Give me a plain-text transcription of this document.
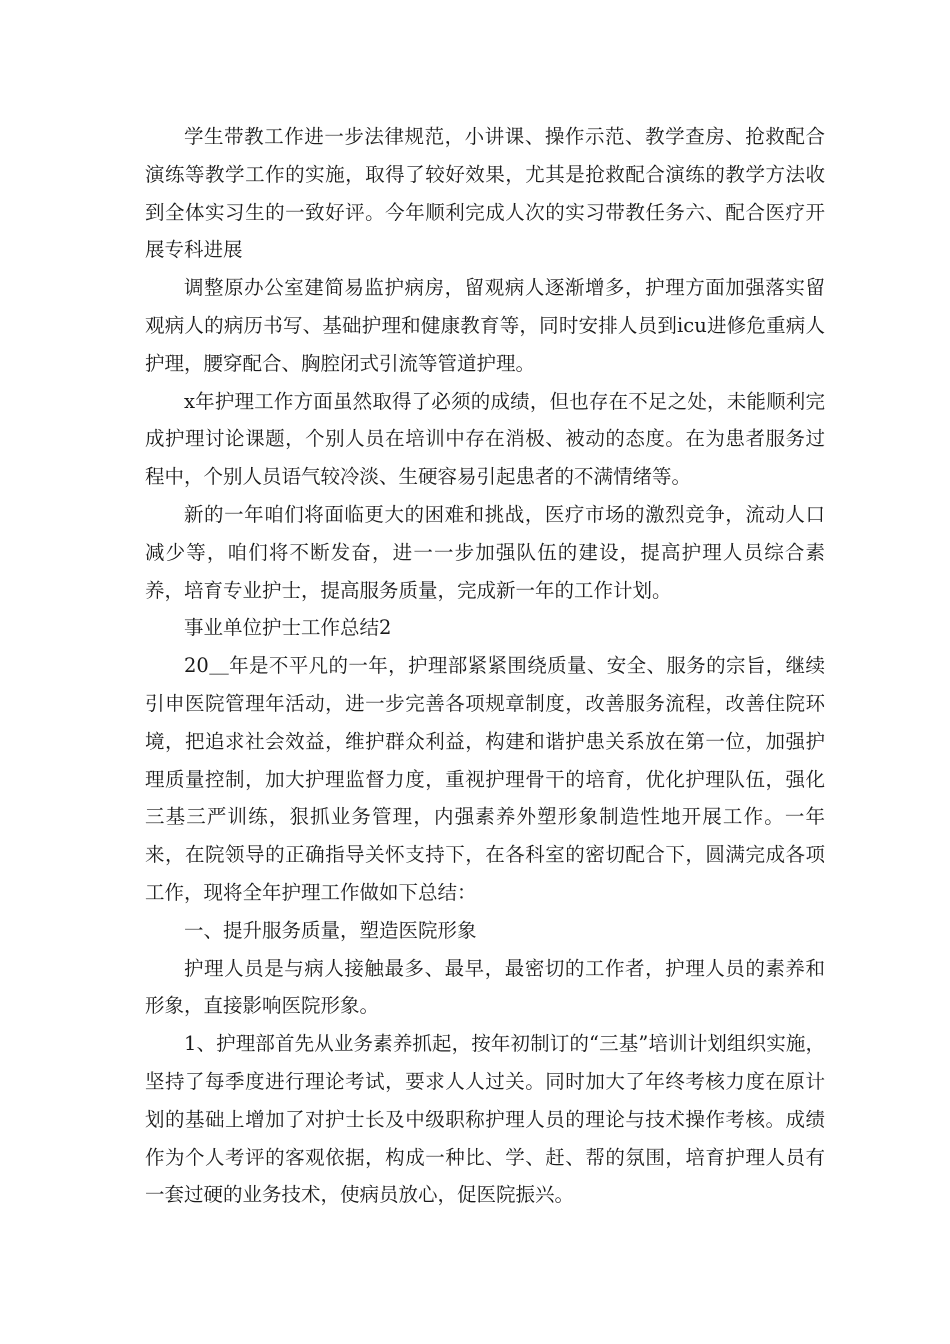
学生带教工作进一步法律规范，小讲课、操作示范、教学查房、抢救配合演练等教学工作的实施，取得了较好效果，尤其是抢救配合演练的教学方法收到全体实习生的一致好评。今年顺利完成人次的实习带教任务六、配合医疗开展专科进展

调整原办公室建简易监护病房，留观病人逐渐增多，护理方面加强落实留观病人的病历书写、基础护理和健康教育等，同时安排人员到icu进修危重病人护理，腰穿配合、胸腔闭式引流等管道护理。

x年护理工作方面虽然取得了必须的成绩，但也存在不足之处，未能顺利完成护理讨论课题，个别人员在培训中存在消极、被动的态度。在为患者服务过程中，个别人员语气较冷淡、生硬容易引起患者的不满情绪等。

新的一年咱们将面临更大的困难和挑战，医疗市场的激烈竞争，流动人口减少等，咱们将不断发奋，进一一步加强队伍的建设，提高护理人员综合素养，培育专业护士，提高服务质量，完成新一年的工作计划。

事业单位护士工作总结2

20＿年是不平凡的一年，护理部紧紧围绕质量、安全、服务的宗旨，继续引申医院管理年活动，进一步完善各项规章制度，改善服务流程，改善住院环境，把追求社会效益，维护群众利益，构建和谐护患关系放在第一位，加强护理质量控制，加大护理监督力度，重视护理骨干的培育，优化护理队伍，强化三基三严训练，狠抓业务管理，内强素养外塑形象制造性地开展工作。一年来，在院领导的正确指导关怀支持下，在各科室的密切配合下，圆满完成各项工作，现将全年护理工作做如下总结：

一、提升服务质量，塑造医院形象

护理人员是与病人接触最多、最早，最密切的工作者，护理人员的素养和形象，直接影响医院形象。

1、护理部首先从业务素养抓起，按年初制订的“三基”培训计划组织实施，坚持了每季度进行理论考试，要求人人过关。同时加大了年终考核力度在原计划的基础上增加了对护士长及中级职称护理人员的理论与技术操作考核。成绩作为个人考评的客观依据，构成一种比、学、赶、帮的氛围，培育护理人员有一套过硬的业务技术，使病员放心，促医院振兴。
